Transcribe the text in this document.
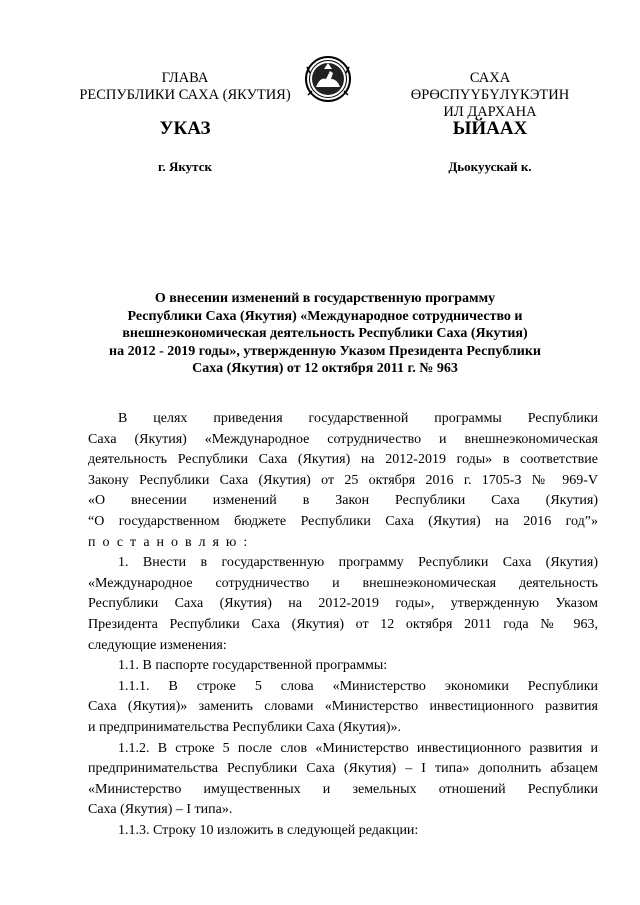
ГЛАВА
РЕСПУБЛИКИ САХА (ЯКУТИЯ)
САХА ӨРӨСПҮҮБҮЛҮКЭТИН
ИЛ ДАРХАНА
УКАЗ	ЫЙААХ
г. Якутск	Дьокуускай к.
О внесении изменений в государственную программу
Республики Саха (Якутия) «Международное сотрудничество и
внешнеэкономическая деятельность Республики Саха (Якутия)
на 2012 - 2019 годы», утвержденную Указом Президента Республики
Саха (Якутия) от 12 октября 2011 г. № 963
В целях приведения государственной программы Республики
Саха (Якутия) «Международное сотрудничество и внешнеэкономическая
деятельность Республики Саха (Якутия) на 2012-2019 годы» в соответствие
Закону Республики Саха (Якутия) от 25 октября 2016 г. 1705-З № 969-V
«О внесении изменений в Закон Республики Саха (Якутия)
“О государственном бюджете Республики Саха (Якутия) на 2016 год”»
постановляю:
1. Внести в государственную программу Республики Саха (Якутия)
«Международное сотрудничество и внешнеэкономическая деятельность
Республики Саха (Якутия) на 2012-2019 годы», утвержденную Указом
Президента Республики Саха (Якутия) от 12 октября 2011 года № 963,
следующие изменения:
1.1. В паспорте государственной программы:
1.1.1. В строке 5 слова «Министерство экономики Республики
Саха (Якутия)» заменить словами «Министерство инвестиционного развития
и предпринимательства Республики Саха (Якутия)».
1.1.2. В строке 5 после слов «Министерство инвестиционного развития и
предпринимательства Республики Саха (Якутия) – I типа» дополнить абзацем
«Министерство имущественных и земельных отношений Республики
Саха (Якутия) – I типа».
1.1.3. Строку 10 изложить в следующей редакции:
